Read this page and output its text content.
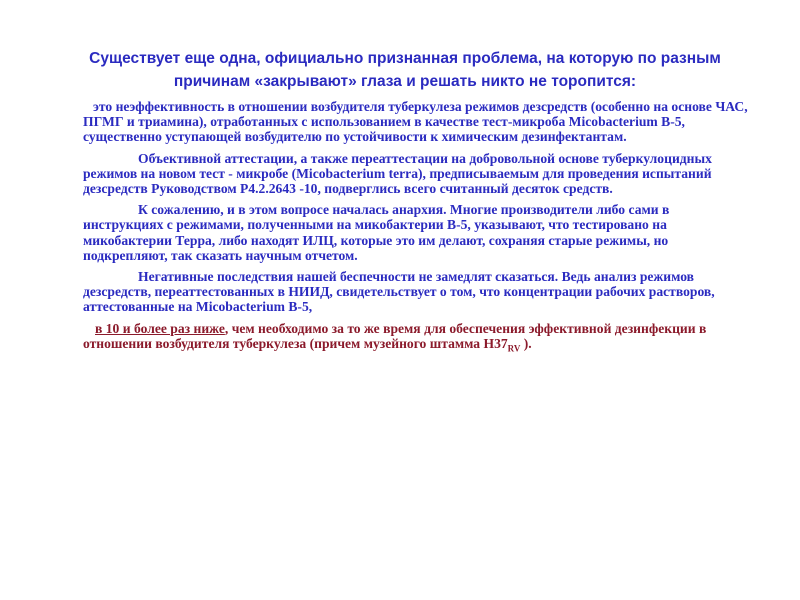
Существует еще одна, официально признанная проблема, на которую по разным причинам «закрывают» глаза и решать никто не торопится:

это неэффективность в отношении возбудителя туберкулеза режимов дезсредств (особенно на основе ЧАС, ПГМГ и триамина), отработанных с использованием в качестве тест-микроба Micobacterium B-5, существенно уступающей возбудителю по устойчивости к химическим дезинфектантам.

Объективной аттестации, а также переаттестации на добровольной основе туберкулоцидных режимов на новом тест - микробе (Micobacterium terra), предписываемым для проведения испытаний дезсредств Руководством Р4.2.2643 -10, подверглись всего считанный десяток средств.

К сожалению, и в этом вопросе началась анархия. Многие производители либо сами в инструкциях с режимами, полученными на микобактерии В-5, указывают, что тестировано на микобактерии Терра, либо находят ИЛЦ, которые это им делают, сохраняя старые режимы, но подкрепляют, так сказать научным отчетом.

Негативные последствия нашей беспечности не замедлят сказаться. Ведь анализ режимов дезсредств, переаттестованных в НИИД, свидетельствует о том, что концентрации рабочих растворов, аттестованные на Micobacterium B-5,

в 10 и более раз ниже, чем необходимо за то же время для обеспечения эффективной дезинфекции в отношении возбудителя туберкулеза (причем музейного штамма $H37_{RV}$ ).
